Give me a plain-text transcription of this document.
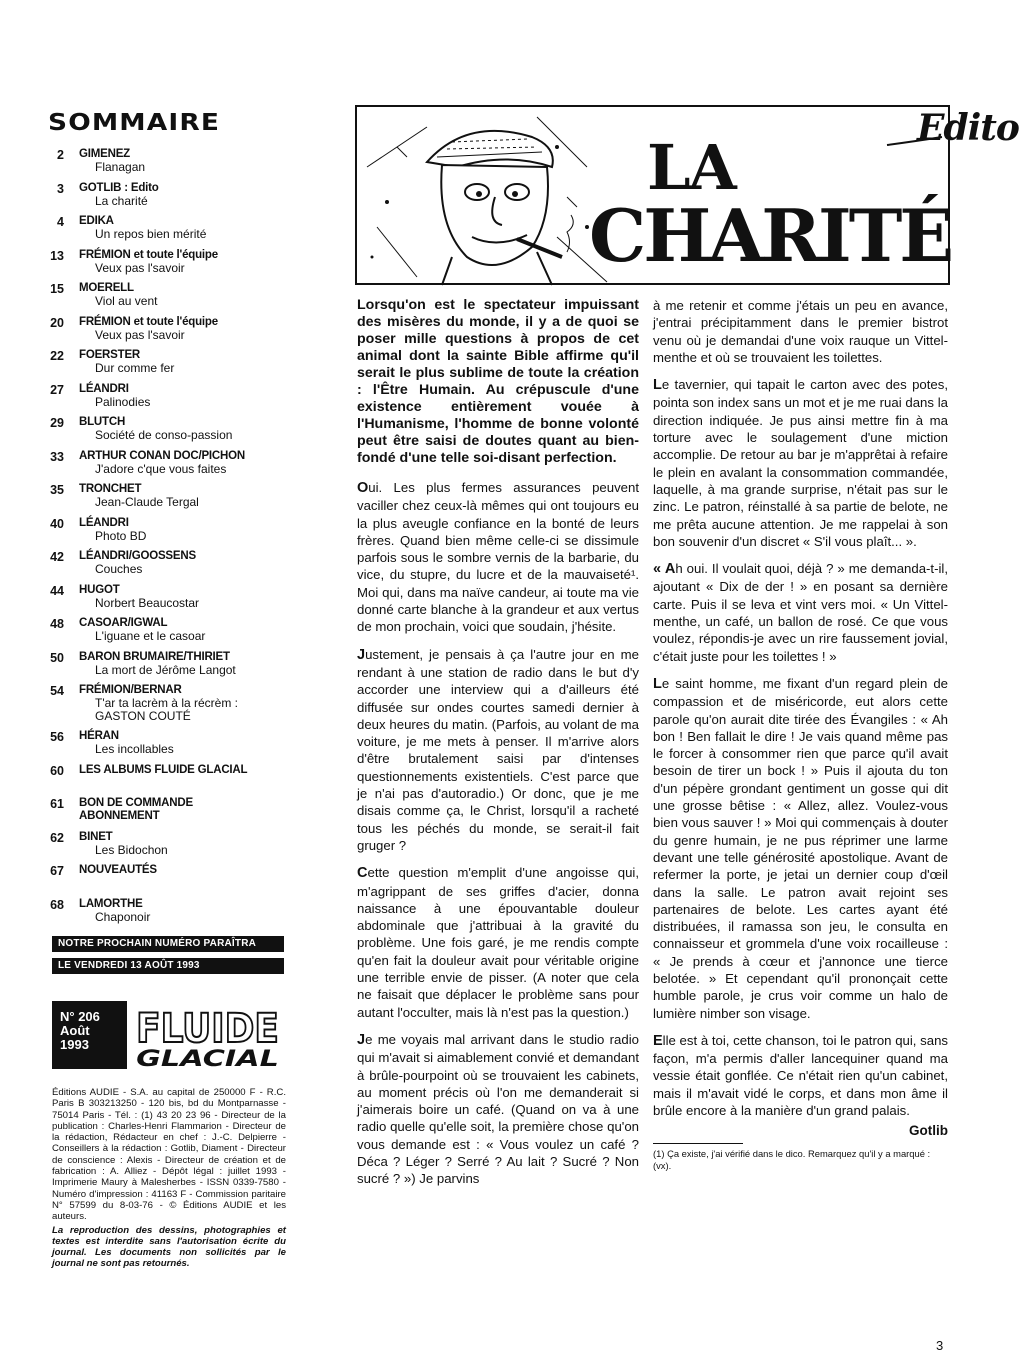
SOMMAIRE
2 GIMENEZ
Flanagan
3 GOTLIB : Edito
La charité
4 EDIKA
Un repos bien mérité
13 FRÉMION et toute l'équipe
Veux pas l'savoir
15 MOERELL
Viol au vent
20 FRÉMION et toute l'équipe
Veux pas l'savoir
22 FOERSTER
Dur comme fer
27 LÉANDRI
Palinodies
29 BLUTCH
Société de conso-passion
33 ARTHUR CONAN DOC/PICHON
J'adore c'que vous faites
35 TRONCHET
Jean-Claude Tergal
40 LÉANDRI
Photo BD
42 LÉANDRI/GOOSSENS
Couches
44 HUGOT
Norbert Beaucostar
48 CASOAR/IGWAL
L'iguane et le casoar
50 BARON BRUMAIRE/THIRIET
La mort de Jérôme Langot
54 FRÉMION/BERNAR
T'ar ta lacrèm à la récrèm :
GASTON COUTÉ
56 HÉRAN
Les incollables
60 LES ALBUMS FLUIDE GLACIAL
61 BON DE COMMANDE
ABONNEMENT
62 BINET
Les Bidochon
67 NOUVEAUTÉS
68 LAMORTHE
Chaponoir
NOTRE PROCHAIN NUMÉRO PARAÎTRA
LE VENDREDI 13 AOÛT 1993
N° 206
Août
1993	FLUIDE
GLACIAL
Éditions AUDIE - S.A. au capital de 250000 F - R.C. Paris B 303213250 - 120 bis, bd du Montparnasse - 75014 Paris - Tél. : (1) 43 20 23 96 - Directeur de la publication : Charles-Henri Flammarion - Directeur de la rédaction, Rédacteur en chef : J.-C. Delpierre - Conseillers à la rédaction : Gotlib, Diament - Directeur de conscience : Alexis - Directeur de création et de fabrication : A. Alliez - Dépôt légal : juillet 1993 - Imprimerie Maury à Malesherbes - ISSN 0339-7580 - Numéro d'impression : 41163 F - Commission paritaire N° 57599 du 8-03-76 - © Éditions AUDIE et les auteurs.
La reproduction des dessins, photographies et textes est interdite sans l'autorisation écrite du journal. Les documents non sollicités par le journal ne sont pas retournés.
Edito
LA
CHARITÉ

Lorsqu'on est le spectateur impuissant des misères du monde, il y a de quoi se poser mille questions à propos de cet animal dont la sainte Bible affirme qu'il serait le plus sublime de toute la création : l'Être Humain. Au crépuscule d'une existence entièrement vouée à l'Humanisme, l'homme de bonne volonté peut être saisi de doutes quant au bien-fondé d'une telle soi-disant perfection.

Oui. Les plus fermes assurances peuvent vaciller chez ceux-là mêmes qui ont toujours eu la plus aveugle confiance en la bonté de leurs frères. Quand bien même celle-ci se dissimule parfois sous le sombre vernis de la barbarie, du vice, du stupre, du lucre et de la mauvaiseté¹. Moi qui, dans ma naïve candeur, ai toute ma vie donné carte blanche à la grandeur et aux vertus de mon prochain, voici que soudain, j'hésite.

Justement, je pensais à ça l'autre jour en me rendant à une station de radio dans le but d'y accorder une interview qui a d'ailleurs été diffusée sur ondes courtes samedi dernier à deux heures du matin. (Parfois, au volant de ma voiture, je me mets à penser. Il m'arrive alors d'être brutalement saisi par d'intenses questionnements existentiels. C'est parce que je n'ai pas d'autoradio.) Or donc, que je me disais comme ça, le Christ, lorsqu'il a racheté tous les péchés du monde, se serait-il fait gruger ?

Cette question m'emplit d'une angoisse qui, m'agrippant de ses griffes d'acier, donna naissance à une épouvantable douleur abdominale que j'attribuai à la gravité du problème. Une fois garé, je me rendis compte qu'en fait la douleur avait pour véritable origine une terrible envie de pisser. (A noter que cela ne faisait que déplacer le problème sans pour autant l'occulter, mais là n'est pas la question.)

Je me voyais mal arrivant dans le studio radio qui m'avait si aimablement convié et demandant à brûle-pourpoint où se trouvaient les cabinets, au moment précis où l'on me demanderait si j'aimerais boire un café. (Quand on va à une radio quelle qu'elle soit, la première chose qu'on vous demande est : « Vous voulez un café ? Déca ? Léger ? Serré ? Au lait ? Sucré ? Non sucré ? ») Je parvins

à me retenir et comme j'étais un peu en avance, j'entrai précipitamment dans le premier bistrot venu où je demandai d'une voix rauque un Vittel-menthe et où se trouvaient les toilettes.

Le tavernier, qui tapait le carton avec des potes, pointa son index sans un mot et je me ruai dans la direction indiquée. Je pus ainsi mettre fin à ma torture avec le soulagement d'une miction accomplie. De retour au bar je m'apprêtai à refaire le plein en avalant la consommation commandée, laquelle, à ma grande surprise, n'était pas sur le zinc. Le patron, réinstallé à sa partie de belote, ne me prêta aucune attention. Je me rappelai à son bon souvenir d'un discret « S'il vous plaît... ».

« Ah oui. Il voulait quoi, déjà ? » me demanda-t-il, ajoutant « Dix de der ! » en posant sa dernière carte. Puis il se leva et vint vers moi. « Un Vittel-menthe, un café, un ballon de rosé. Ce que vous voulez, répondis-je avec un rire faussement jovial, c'était juste pour les toilettes ! »

Le saint homme, me fixant d'un regard plein de compassion et de miséricorde, eut alors cette parole qu'on aurait dite tirée des Évangiles : « Ah bon ! Ben fallait le dire ! Je vais quand même pas le forcer à consommer rien que parce qu'il avait besoin de tirer un bock ! » Puis il ajouta du ton d'un pépère grondant gentiment un gosse qui dit une grosse bêtise : « Allez, allez. Voulez-vous bien vous sauver ! » Moi qui commençais à douter du genre humain, je ne pus réprimer une larme devant une telle générosité apostolique. Avant de refermer la porte, je jetai un dernier coup d'œil dans la salle. Le patron avait rejoint ses partenaires de belote. Les cartes ayant été distribuées, il ramassa son jeu, le consulta en connaisseur et grommela d'une voix rocailleuse : « Je prends à cœur et j'annonce une tierce belotée. » Et cependant qu'il prononçait cette humble parole, je crus voir comme un halo de lumière nimber son visage.

Elle est à toi, cette chanson, toi le patron qui, sans façon, m'a permis d'aller lancequiner quand ma vessie était gonflée. Ce n'était rien qu'un cabinet, mais il m'avait vidé le corps, et dans mon âme il brûle encore à la manière d'un grand palais.

Gotlib

(1) Ça existe, j'ai vérifié dans le dico. Remarquez qu'il y a marqué : (vx).
3
